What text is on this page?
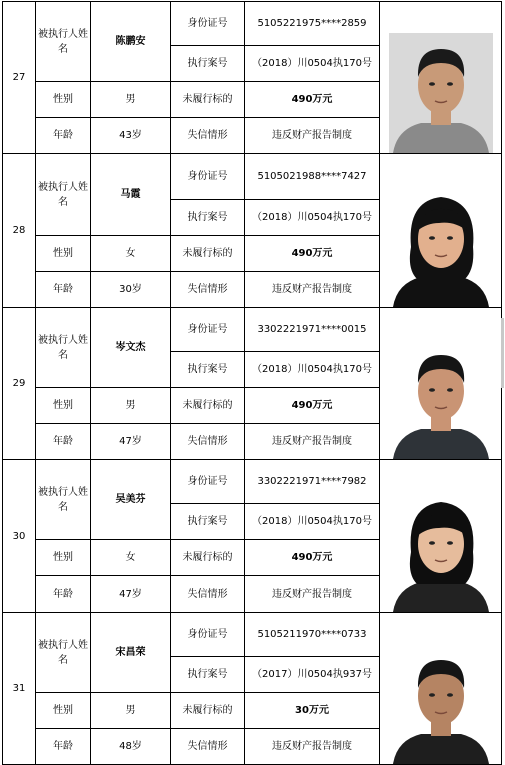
27	被执行人姓名	陈鹏安	身份证号	5105221975****2859	

			执行案号	（2018）川0504执170号	
	性别	男	未履行标的	490万元	
	年龄	43岁	失信情形	违反财产报告制度	
28	被执行人姓名	马霞	身份证号	5105021988****7427	

			执行案号	（2018）川0504执170号	
	性别	女	未履行标的	490万元	
	年龄	30岁	失信情形	违反财产报告制度	
29	被执行人姓名	岑文杰	身份证号	3302221971****0015	

			执行案号	（2018）川0504执170号	
	性别	男	未履行标的	490万元	
	年龄	47岁	失信情形	违反财产报告制度	
30	被执行人姓名	吴美芬	身份证号	3302221971****7982	

			执行案号	（2018）川0504执170号	
	性别	女	未履行标的	490万元	
	年龄	47岁	失信情形	违反财产报告制度	
31	被执行人姓名	宋昌荣	身份证号	5105211970****0733	

			执行案号	（2017）川0504执937号	
	性别	男	未履行标的	30万元	
	年龄	48岁	失信情形	违反财产报告制度	
